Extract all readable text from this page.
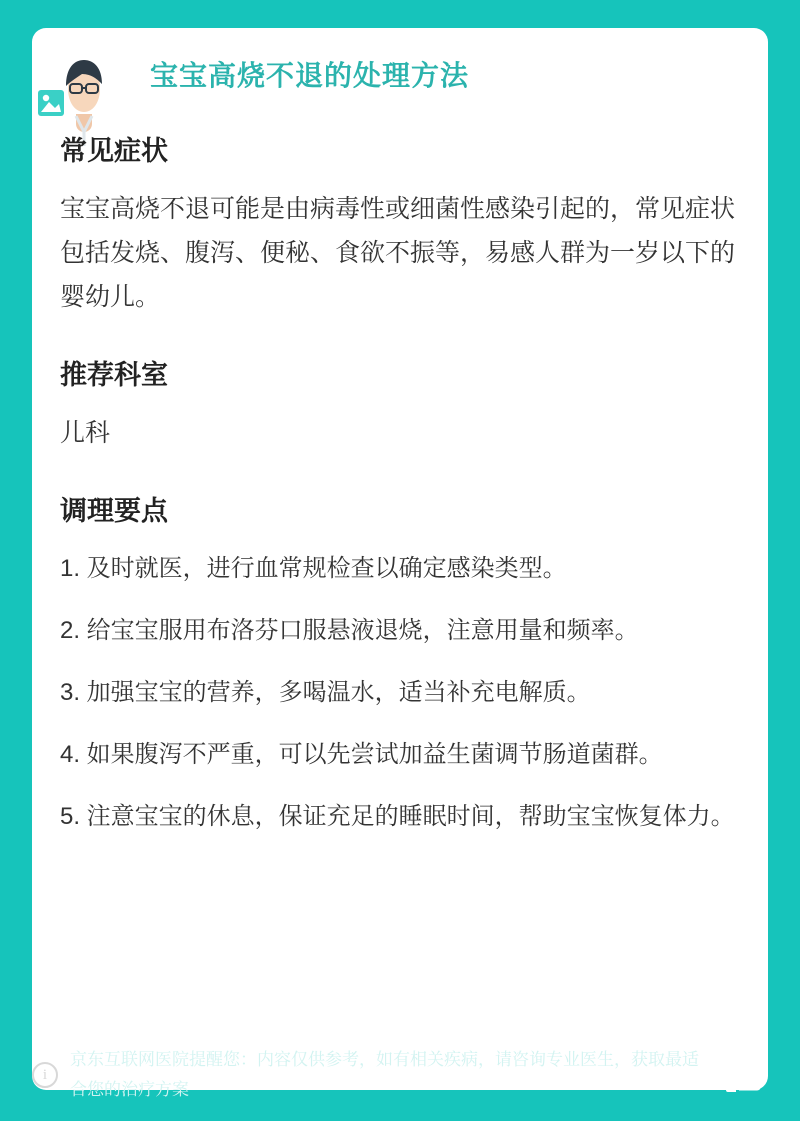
宝宝高烧不退的处理方法
常见症状

宝宝高烧不退可能是由病毒性或细菌性感染引起的，常见症状包括发烧、腹泻、便秘、食欲不振等，易感人群为一岁以下的婴幼儿。

推荐科室

儿科

调理要点

1. 及时就医，进行血常规检查以确定感染类型。

2. 给宝宝服用布洛芬口服悬液退烧，注意用量和频率。

3. 加强宝宝的营养，多喝温水，适当补充电解质。

4. 如果腹泻不严重，可以先尝试加益生菌调节肠道菌群。

5. 注意宝宝的休息，保证充足的睡眠时间，帮助宝宝恢复体力。

i
京东互联网医院提醒您：内容仅供参考，如有相关疾病，请咨询专业医生，获取最适合您的治疗方案
